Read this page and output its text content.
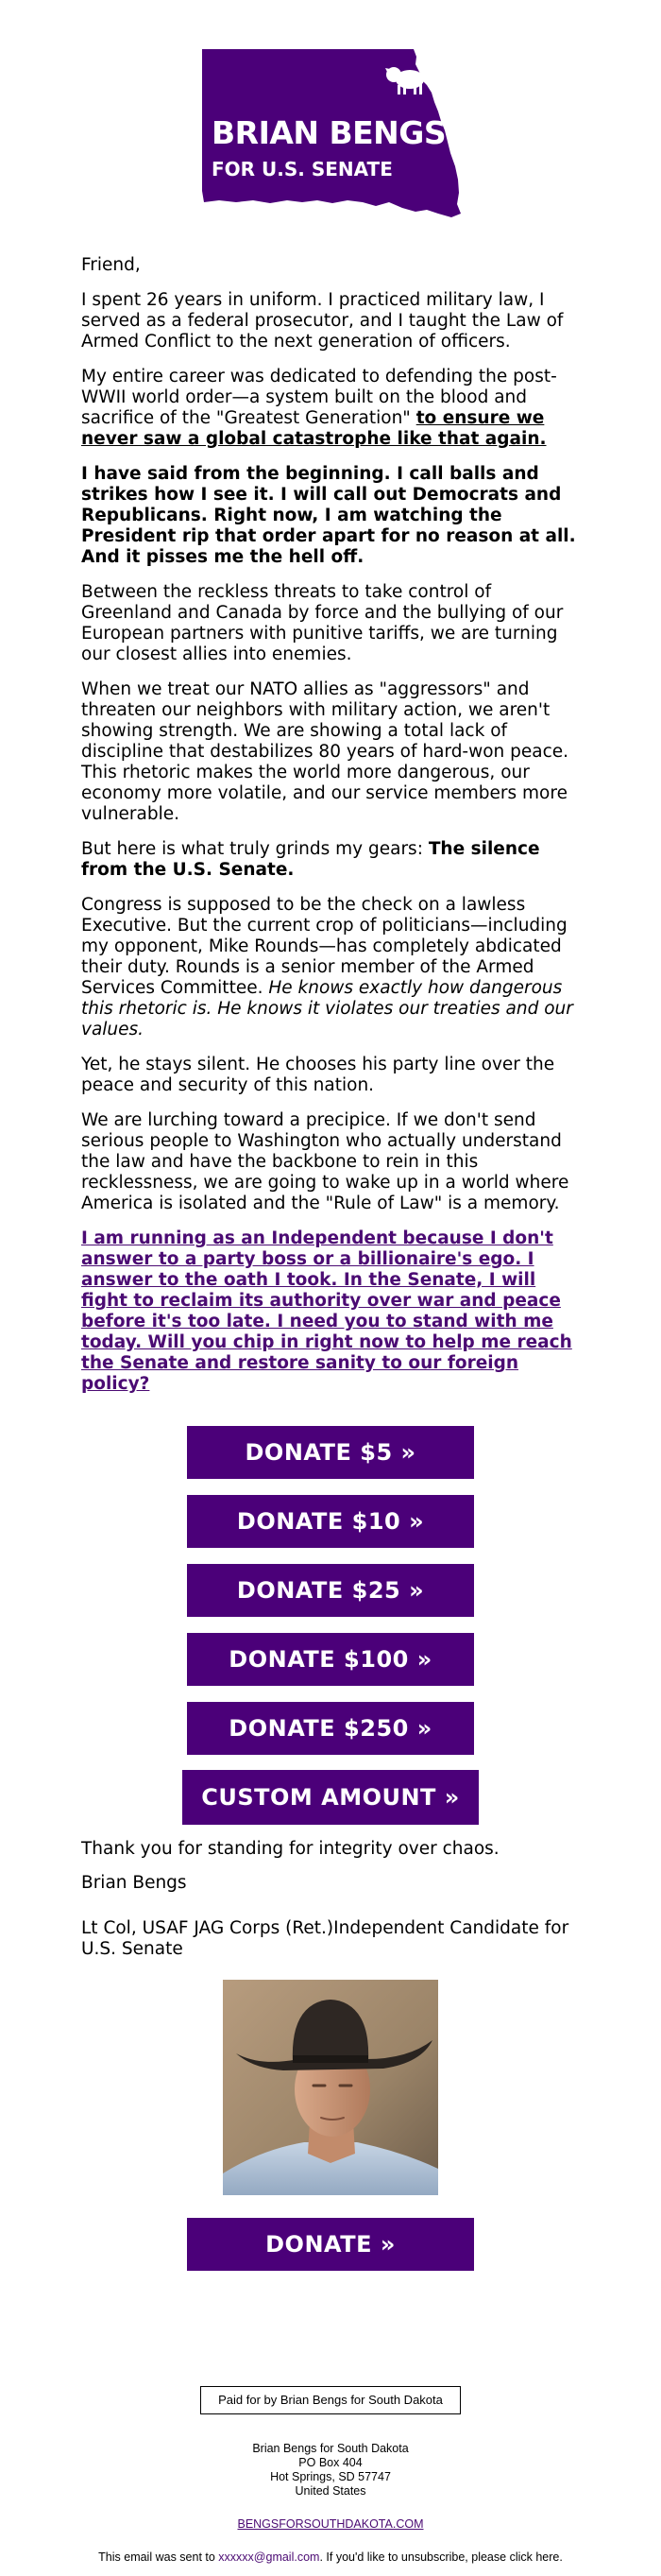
BRIAN BENGS
FOR U.S. SENATE

Friend,

I spent 26 years in uniform. I practiced military law, I served as a federal prosecutor, and I taught the Law of Armed Conflict to the next generation of officers.

My entire career was dedicated to defending the post-WWII world order—a system built on the blood and sacrifice of the "Greatest Generation" to ensure we never saw a global catastrophe like that again.

I have said from the beginning. I call balls and strikes how I see it. I will call out Democrats and Republicans. Right now, I am watching the President rip that order apart for no reason at all. And it pisses me the hell off.

Between the reckless threats to take control of Greenland and Canada by force and the bullying of our European partners with punitive tariffs, we are turning our closest allies into enemies.

When we treat our NATO allies as "aggressors" and threaten our neighbors with military action, we aren't showing strength. We are showing a total lack of discipline that destabilizes 80 years of hard-won peace. This rhetoric makes the world more dangerous, our economy more volatile, and our service members more vulnerable.

But here is what truly grinds my gears: The silence from the U.S. Senate.

Congress is supposed to be the check on a lawless Executive. But the current crop of politicians—including my opponent, Mike Rounds—has completely abdicated their duty. Rounds is a senior member of the Armed Services Committee. He knows exactly how dangerous this rhetoric is. He knows it violates our treaties and our values.

Yet, he stays silent. He chooses his party line over the peace and security of this nation.

We are lurching toward a precipice. If we don't send serious people to Washington who actually understand the law and have the backbone to rein in this recklessness, we are going to wake up in a world where America is isolated and the "Rule of Law" is a memory.

I am running as an Independent because I don't answer to a party boss or a billionaire's ego. I answer to the oath I took. In the Senate, I will fight to reclaim its authority over war and peace before it's too late. I need you to stand with me today. Will you chip in right now to help me reach the Senate and restore sanity to our foreign policy?

DONATE $5 »
DONATE $10 »
DONATE $25 »
DONATE $100 »
DONATE $250 »
CUSTOM AMOUNT »

Thank you for standing for integrity over chaos.

Brian Bengs

Lt Col, USAF JAG Corps (Ret.)Independent Candidate for U.S. Senate

DONATE »
Paid for by Brian Bengs for South Dakota
Brian Bengs for South Dakota
PO Box 404
Hot Springs, SD 57747
United States
BENGSFORSOUTHDAKOTA.COM
This email was sent to xxxxxx@gmail.com. If you'd like to unsubscribe, please click here.
